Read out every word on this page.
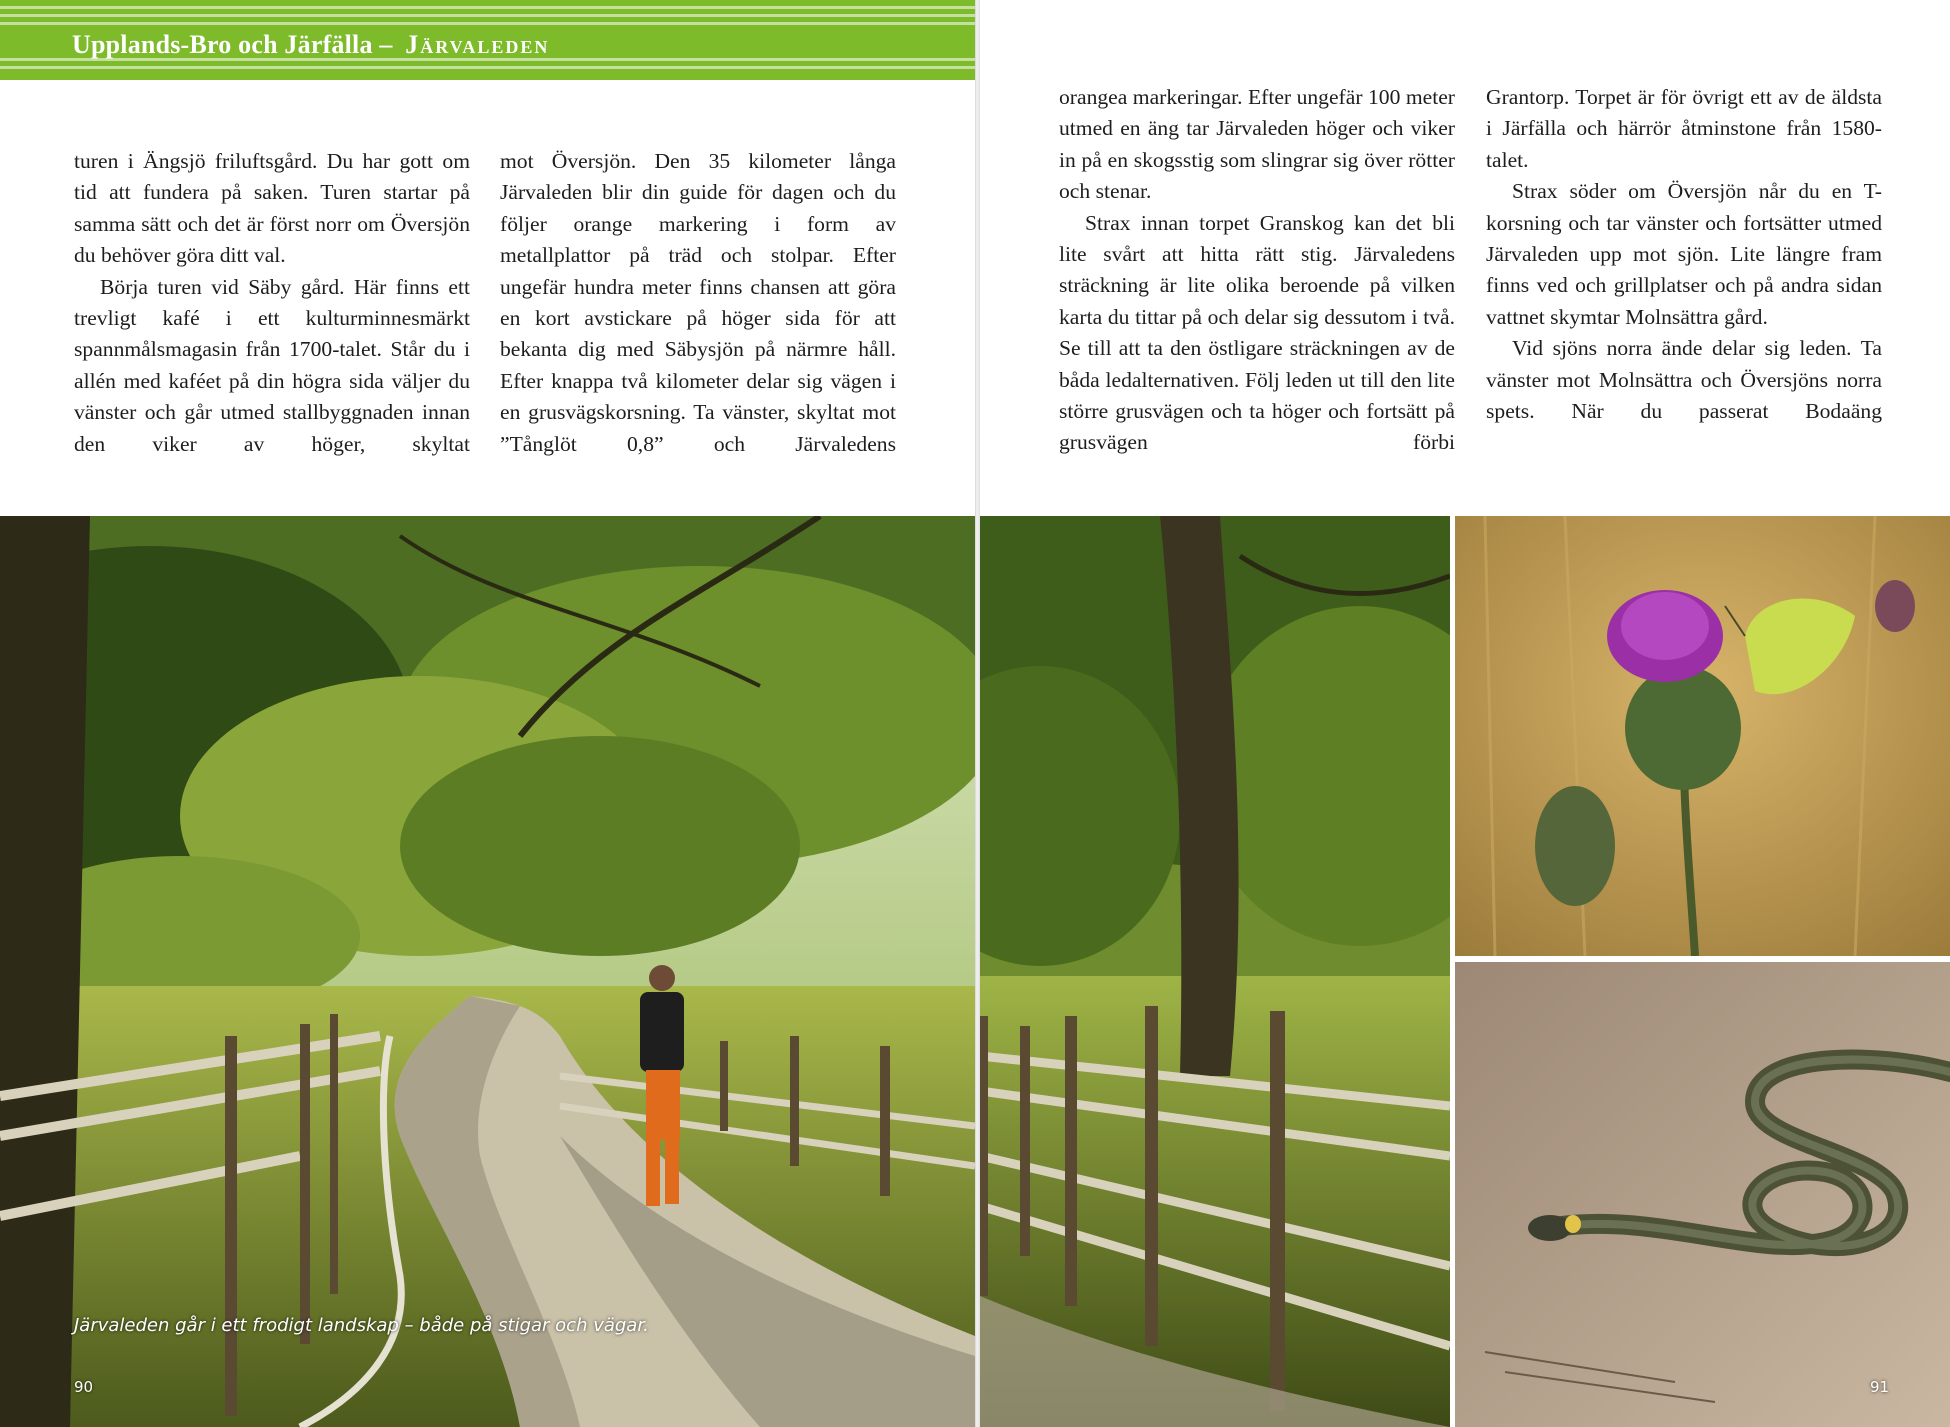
Upplands-Bro och Järfälla – Järvaleden

turen i Ängsjö friluftsgård. Du har gott om tid att fundera på saken. Turen startar på samma sätt och det är först norr om Översjön du behöver göra ditt val.

Börja turen vid Säby gård. Här finns ett trevligt kafé i ett kulturminnesmärkt spannmålsmagasin från 1700-talet. Står du i allén med kaféet på din högra sida väljer du vänster och går utmed stallbyggnaden innan den viker av höger, skyltat

mot Översjön. Den 35 kilometer långa Järvaleden blir din guide för dagen och du följer orange markering i form av metallplattor på träd och stolpar. Efter ungefär hundra meter finns chansen att göra en kort avstickare på höger sida för att bekanta dig med Säbysjön på närmre håll. Efter knappa två kilometer delar sig vägen i en grusvägskorsning. Ta vänster, skyltat mot ”Tånglöt 0,8” och Järvaledens

Järvaleden går i ett frodigt landskap – både på stigar och vägar.
90

orangea markeringar. Efter ungefär 100 meter utmed en äng tar Järvaleden höger och viker in på en skogsstig som slingrar sig över rötter och stenar.

Strax innan torpet Granskog kan det bli lite svårt att hitta rätt stig. Järvaledens sträckning är lite olika beroende på vilken karta du tittar på och delar sig dessutom i två. Se till att ta den östligare sträckningen av de båda ledalternativen. Följ leden ut till den lite större grusvägen och ta höger och fortsätt på grusvägen förbi

Grantorp. Torpet är för övrigt ett av de äldsta i Järfälla och härrör åtminstone från 1580-talet.

Strax söder om Översjön når du en T-korsning och tar vänster och fortsätter utmed Järvaleden upp mot sjön. Lite längre fram finns ved och grillplatser och på andra sidan vattnet skymtar Molnsättra gård.

Vid sjöns norra ände delar sig leden. Ta vänster mot Molnsättra och Översjöns norra spets. När du passerat Bodaäng

91
